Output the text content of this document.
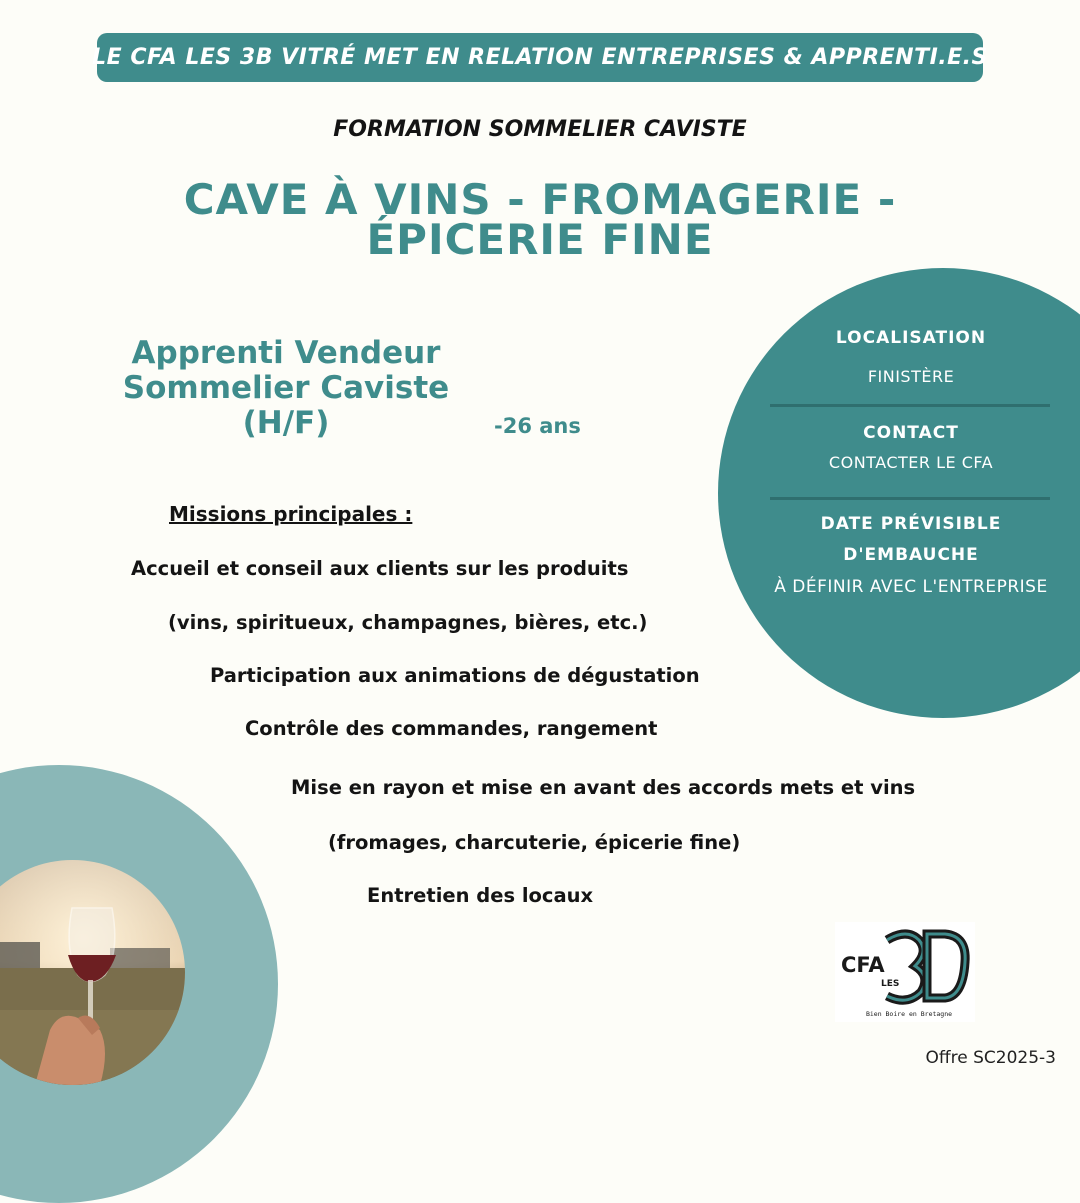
LE CFA LES 3B VITRÉ MET EN RELATION ENTREPRISES & APPRENTI.E.S
FORMATION SOMMELIER CAVISTE
CAVE À VINS - FROMAGERIE -
ÉPICERIE FINE
Apprenti Vendeur
Sommelier Caviste
(H/F)	-26 ans
LOCALISATION
FINISTÈRE
CONTACT
CONTACTER LE CFA
DATE PRÉVISIBLE
D'EMBAUCHE
À DÉFINIR AVEC L'ENTREPRISE
Missions principales :
Accueil et conseil aux clients sur les produits
(vins, spiritueux, champagnes, bières, etc.)
Participation aux animations de dégustation
Contrôle des commandes, rangement
Mise en rayon et mise en avant des accords mets et vins
(fromages, charcuterie, épicerie fine)
Entretien des locaux
CFA
LES
Bien Boire en Bretagne
Offre SC2025-3
